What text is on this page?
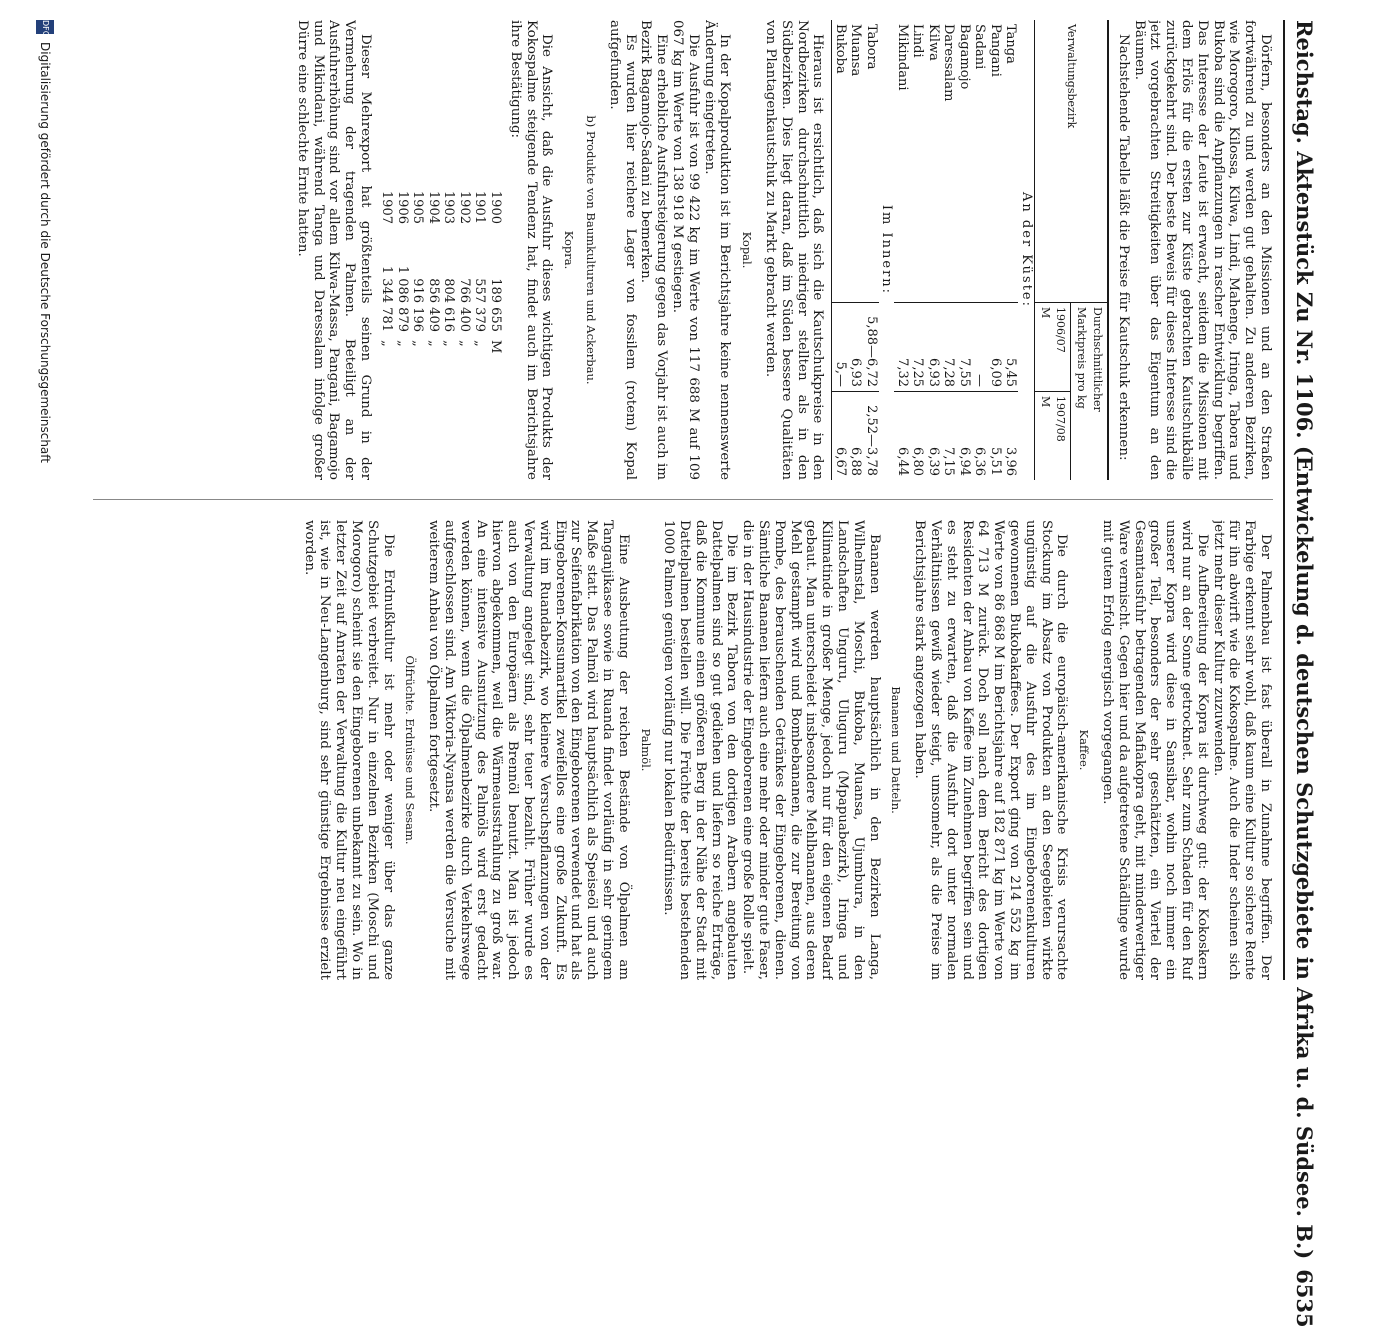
Reichstag. Aktenstück Zu Nr. 1106. (Entwickelung d. deutschen Schutzgebiete in Afrika u. d. Südsee. B.)
6535

Dörfern, besonders an den Missionen und an den Straßen fortwährend zu und werden gut gehalten. Zu anderen Bezirken, wie Morogoro, Kilossa, Kilwa, Lindi, Mahenge, Iringa, Tabora und Bukoba sind die Anpflanzungen in rascher Entwicklung begriffen. Das Interesse der Leute ist erwacht, seitdem die Missionen mit dem Erlös für die ersten zur Küste gebrachten Kautschukbälle zurückgekehrt sind. Der beste Beweis für dieses Interesse sind die jetzt vorgebrachten Streitigkeiten über das Eigentum an den Bäumen.

Nachstehende Tabelle läßt die Preise für Kautschuk erkennen:

Verwaltungsbezirk	Durchschnittlicher Marktpreis pro kg	
	1906/07
M	1907/08
M
An der Küste:		
Tanga	5,45	3,96
Pangani	6,09	5,51
Sadani	—	6,36
Bagamojo	7,55	6,94
Daressalam	7,28	7,15
Kilwa	6,93	6,39
Lindi	7,25	6,80
Mikindani	7,32	6,44
Im Innern:		
Tabora	5,88—6,72	2,52—3,78
Muansa	6,93	6,88
Bukoba	5,—	6,67

Hieraus ist ersichtlich, daß sich die Kautschukpreise in den Nordbezirken durchschnittlich niedriger stellten als in den Südbezirken. Dies liegt daran, daß im Süden bessere Qualitäten von Plantagenkautschuk zu Markt gebracht werden.

Kopal.

In der Kopalproduktion ist im Berichtsjahre keine nennenswerte Änderung eingetreten.

Die Ausfuhr ist von 99 422 kg im Werte von 117 688 M auf 109 067 kg im Werte von 138 918 M gestiegen.

Eine erhebliche Ausfuhrsteigerung gegen das Vorjahr ist auch im Bezirk Bagamojo-Sadani zu bemerken.

Es wurden hier reichere Lager von fossilem (rotem) Kopal aufgefunden.

b) Produkte von Baumkulturen und Ackerbau.
Kopra.

Die Ansicht, daß die Ausfuhr dieses wichtigen Produkts der Kokospalme steigende Tendenz hat, findet auch im Berichtsjahre ihre Bestätigung:

1900	189 655	M
1901	557 379	„
1902	766 400	„
1903	804 616	„
1904	856 409	„
1905	916 196	„
1906	1 086 879	„
1907	1 344 781	„

Dieser Mehrexport hat größtenteils seinen Grund in der Vermehrung der tragenden Palmen. Beteiligt an der Ausfuhrerhöhung sind vor allem Kilwa-Massa, Pangani, Bagamojo und Mikindani, während Tanga und Daressalam infolge großer Dürre eine schlechte Ernte hatten.

Der Palmenbau ist fast überall in Zunahme begriffen. Der Farbige erkennt sehr wohl, daß kaum eine Kultur so sichere Rente für ihn abwirft wie die Kokospalme. Auch die Inder scheinen sich jetzt mehr dieser Kultur zuzuwenden.

Die Aufbereitung der Kopra ist durchweg gut: der Kokoskern wird nur an der Sonne getrocknet. Sehr zum Schaden für den Ruf unserer Kopra wird diese in Sansibar, wohin noch immer ein großer Teil, besonders der sehr geschätzten, ein Viertel der Gesamtausfuhr betragenden Mafiakopra geht, mit minderwertiger Ware vermischt. Gegen hier und da aufgetretene Schädlinge wurde mit gutem Erfolg energisch vorgegangen.

Kaffee.

Die durch die europäisch-amerikanische Krisis verursachte Stockung im Absatz von Produkten an den Seegebieten wirkte ungünstig auf die Ausfuhr des im Eingeborenenkulturen gewonnenen Bukobakaffees. Der Export ging von 214 552 kg im Werte von 86 868 M im Berichtsjahre auf 182 871 kg im Werte von 64 713 M zurück. Doch soll nach dem Bericht des dortigen Residenten der Anbau von Kaffee im Zunehmen begriffen sein und es steht zu erwarten, daß die Ausfuhr dort unter normalen Verhältnissen gewiß wieder steigt, umsomehr, als die Preise im Berichtsjahre stark angezogen haben.

Bananen und Datteln.

Bananen werden hauptsächlich in den Bezirken Langa, Wilhelmstal, Moschi, Bukoba, Muansa, Ujumbura, in den Landschaften Unguru, Uluguru (Mpapuabezirk), Iringa und Kilimatinde in großer Menge, jedoch nur für den eigenen Bedarf gebaut. Man unterscheidet insbesondere Mehlbananen, aus deren Mehl gestampft wird und Bombebananen, die zur Bereitung von Pombe, des berauschenden Getränkes der Eingeborenen, dienen. Sämtliche Bananen liefern auch eine mehr oder minder gute Faser, die in der Hausindustrie der Eingeborenen eine große Rolle spielt.

Die im Bezirk Tabora von den dortigen Arabern angebauten Dattelpalmen sind so gut gediehen und liefern so reiche Erträge, daß die Kommune einen größeren Berg in der Nähe der Stadt mit Dattelpalmen bestellen will. Die Früchte der bereits bestehenden 1000 Palmen genügen vorläufig nur lokalen Bedürfnissen.

Palmöl.

Eine Ausbeutung der reichen Bestände von Ölpalmen am Tanganjikasee sowie in Ruanda findet vorläufig in sehr geringem Maße statt. Das Palmöl wird hauptsächlich als Speiseöl und auch zur Seifenfabrikation von den Eingeborenen verwendet und hat als Eingeborenen-Konsumartikel zweifellos eine große Zukunft. Es wird im Ruandabezirk, wo kleinere Versuchspflanzungen von der Verwaltung angelegt sind, sehr teuer bezahlt. Früher wurde es auch von den Europäern als Brennöl benutzt. Man ist jedoch hiervon abgekommen, weil die Wärmeausstrahlung zu groß war. An eine intensive Ausnutzung des Palmöls wird erst gedacht werden können, wenn die Ölpalmenbezirke durch Verkehrswege aufgeschlossen sind. Am Viktoria-Nyansa werden die Versuche mit weiterem Anbau von Ölpalmen fortgesetzt.

Ölfrüchte. Erdnüsse und Sesam.

Die Erdnußkultur ist mehr oder weniger über das ganze Schutzgebiet verbreitet. Nur in einzelnen Bezirken (Moschi und Morogoro) scheint sie den Eingeborenen unbekannt zu sein. Wo in letzter Zeit auf Anraten der Verwaltung die Kultur neu eingeführt ist, wie in Neu-Langenburg, sind sehr günstige Ergebnisse erzielt worden.

DFG
Digitalisierung gefördert durch die Deutsche Forschungsgemeinschaft
